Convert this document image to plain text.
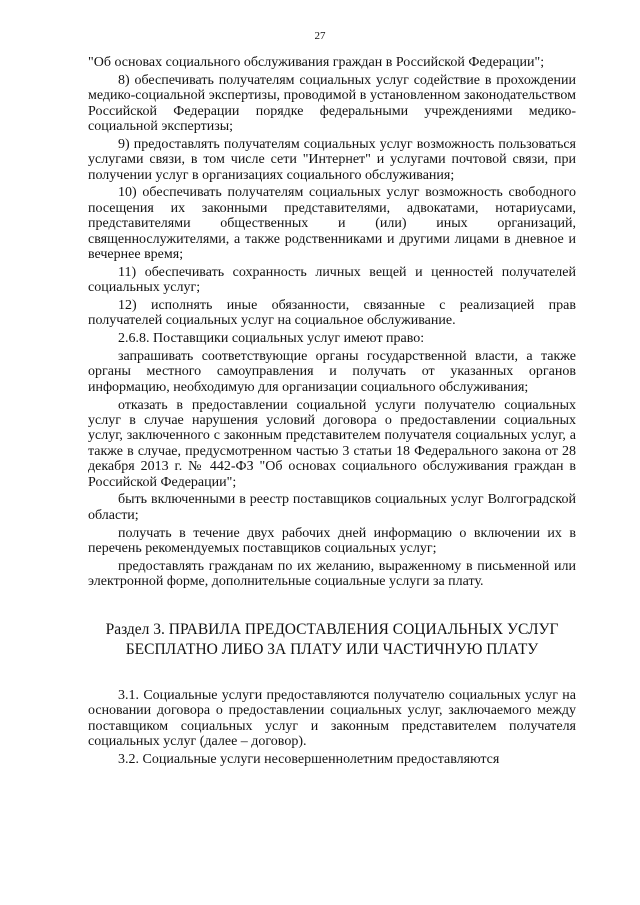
27

"Об основах социального обслуживания граждан в Российской Федерации";

8) обеспечивать получателям социальных услуг содействие в прохождении медико-социальной экспертизы, проводимой в установленном законодательством Российской Федерации порядке федеральными учреждениями медико-социальной экспертизы;

9) предоставлять получателям социальных услуг возможность пользоваться услугами связи, в том числе сети "Интернет" и услугами почтовой связи, при получении услуг в организациях социального обслуживания;

10) обеспечивать получателям социальных услуг возможность свободного посещения их законными представителями, адвокатами, нотариусами, представителями общественных и (или) иных организаций, священнослужителями, а также родственниками и другими лицами в дневное и вечернее время;

11) обеспечивать сохранность личных вещей и ценностей получателей социальных услуг;

12) исполнять иные обязанности, связанные с реализацией прав получателей социальных услуг на социальное обслуживание.

2.6.8. Поставщики социальных услуг имеют право:

запрашивать соответствующие органы государственной власти, а также органы местного самоуправления и получать от указанных органов информацию, необходимую для организации социального обслуживания;

отказать в предоставлении социальной услуги получателю социальных услуг в случае нарушения условий договора о предоставлении социальных услуг, заключенного с законным представителем получателя социальных услуг, а также в случае, предусмотренном частью 3 статьи 18 Федерального закона от 28 декабря 2013 г. № 442-ФЗ "Об основах социального обслуживания граждан в Российской Федерации";

быть включенными в реестр поставщиков социальных услуг Волгоградской области;

получать в течение двух рабочих дней информацию о включении их в перечень рекомендуемых поставщиков социальных услуг;

предоставлять гражданам по их желанию, выраженному в письменной или электронной форме, дополнительные социальные услуги за плату.

Раздел 3. ПРАВИЛА ПРЕДОСТАВЛЕНИЯ СОЦИАЛЬНЫХ УСЛУГ
БЕСПЛАТНО ЛИБО ЗА ПЛАТУ ИЛИ ЧАСТИЧНУЮ ПЛАТУ

3.1. Социальные услуги предоставляются получателю социальных услуг на основании договора о предоставлении социальных услуг, заключаемого между поставщиком социальных услуг и законным представителем получателя социальных услуг (далее – договор).

3.2. Социальные услуги несовершеннолетним предоставляются
